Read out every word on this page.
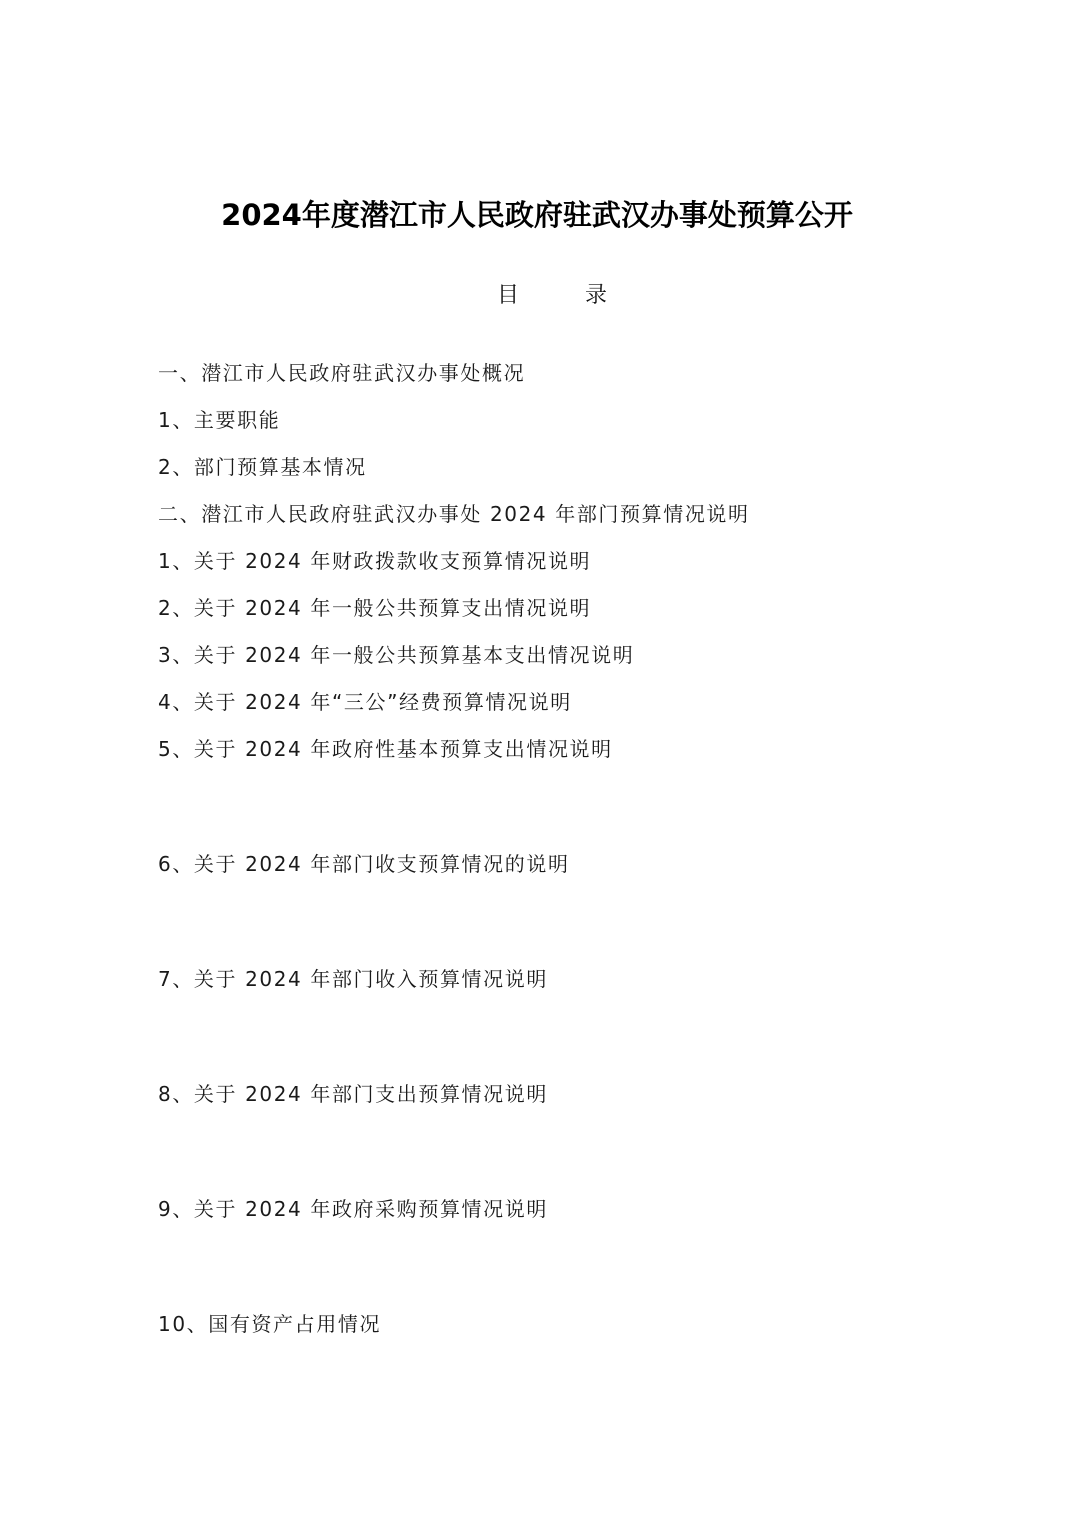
2024年度潜江市人民政府驻武汉办事处预算公开
目	录
一、潜江市人民政府驻武汉办事处概况
1、主要职能
2、部门预算基本情况
二、潜江市人民政府驻武汉办事处 2024 年部门预算情况说明
1、关于 2024 年财政拨款收支预算情况说明
2、关于 2024 年一般公共预算支出情况说明
3、关于 2024 年一般公共预算基本支出情况说明
4、关于 2024 年“三公”经费预算情况说明
5、关于 2024 年政府性基本预算支出情况说明
6、关于 2024 年部门收支预算情况的说明
7、关于 2024 年部门收入预算情况说明
8、关于 2024 年部门支出预算情况说明
9、关于 2024 年政府采购预算情况说明
10、国有资产占用情况
